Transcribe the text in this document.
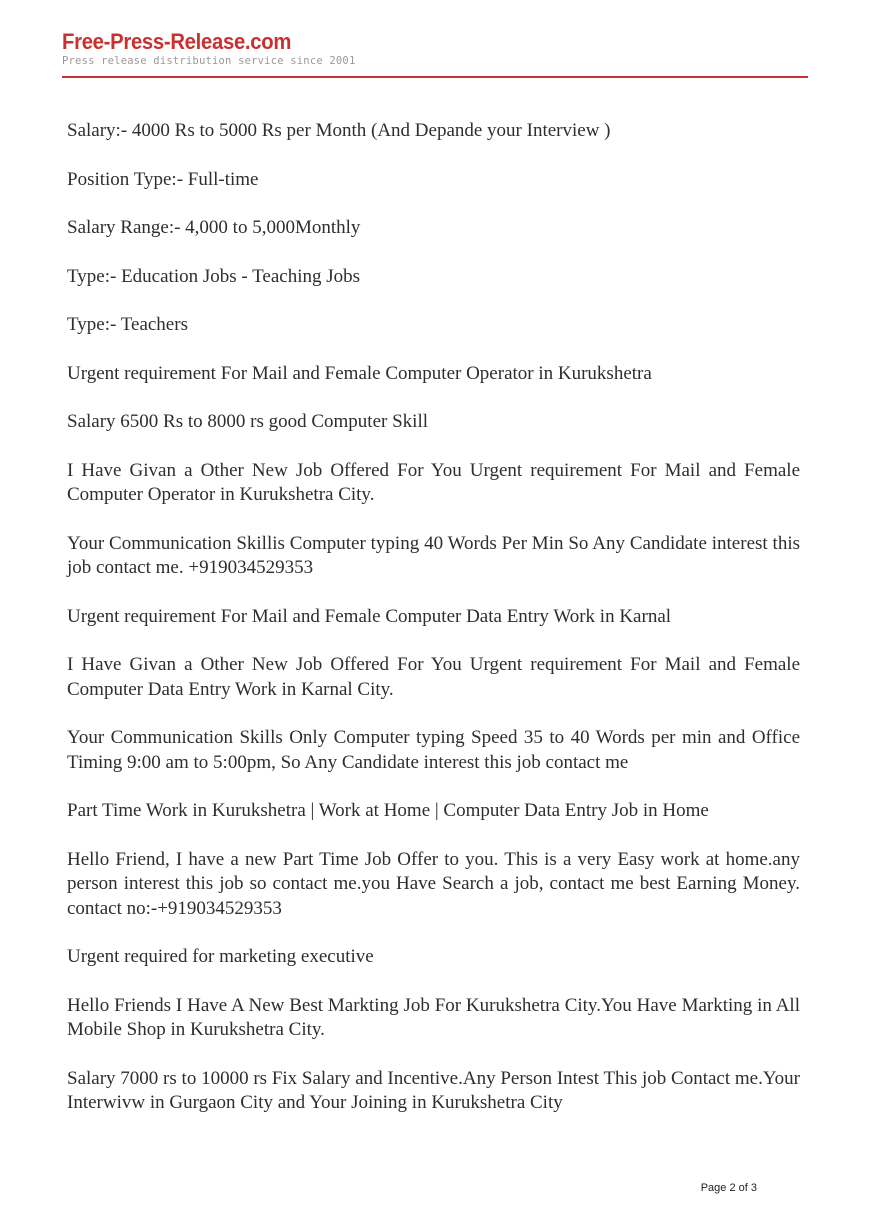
Free-Press-Release.com
Press release distribution service since 2001

Salary:- 4000 Rs to 5000 Rs per Month (And Depande your Interview )

Position Type:- Full-time

Salary Range:- 4,000 to 5,000Monthly

Type:- Education Jobs - Teaching Jobs

Type:- Teachers

Urgent requirement For Mail and Female Computer Operator in Kurukshetra

Salary 6500 Rs to 8000 rs good Computer Skill

I Have Givan a Other New Job Offered For You Urgent requirement For Mail and Female Computer Operator in Kurukshetra City.

Your Communication Skillis Computer typing 40 Words Per Min So Any Candidate interest this job contact me. +919034529353

Urgent requirement For Mail and Female Computer Data Entry Work in Karnal

I Have Givan a Other New Job Offered For You Urgent requirement For Mail and Female Computer Data Entry Work in Karnal City.

Your Communication Skills Only Computer typing Speed 35 to 40 Words per min and Office Timing 9:00 am to 5:00pm, So Any Candidate interest this job contact me

Part Time Work in Kurukshetra | Work at Home | Computer Data Entry Job in Home

Hello Friend, I have a new Part Time Job Offer to you. This is a very Easy work at home.any person interest this job so contact me.you Have Search a job, contact me best Earning Money. contact no:-+919034529353

Urgent required for marketing executive

Hello Friends I Have A New Best Markting Job For Kurukshetra City.You Have Markting in All Mobile Shop in Kurukshetra City.

Salary 7000 rs to 10000 rs Fix Salary and Incentive.Any Person Intest This job Contact me.Your Interwivw in Gurgaon City and Your Joining in Kurukshetra City

Page 2 of 3
